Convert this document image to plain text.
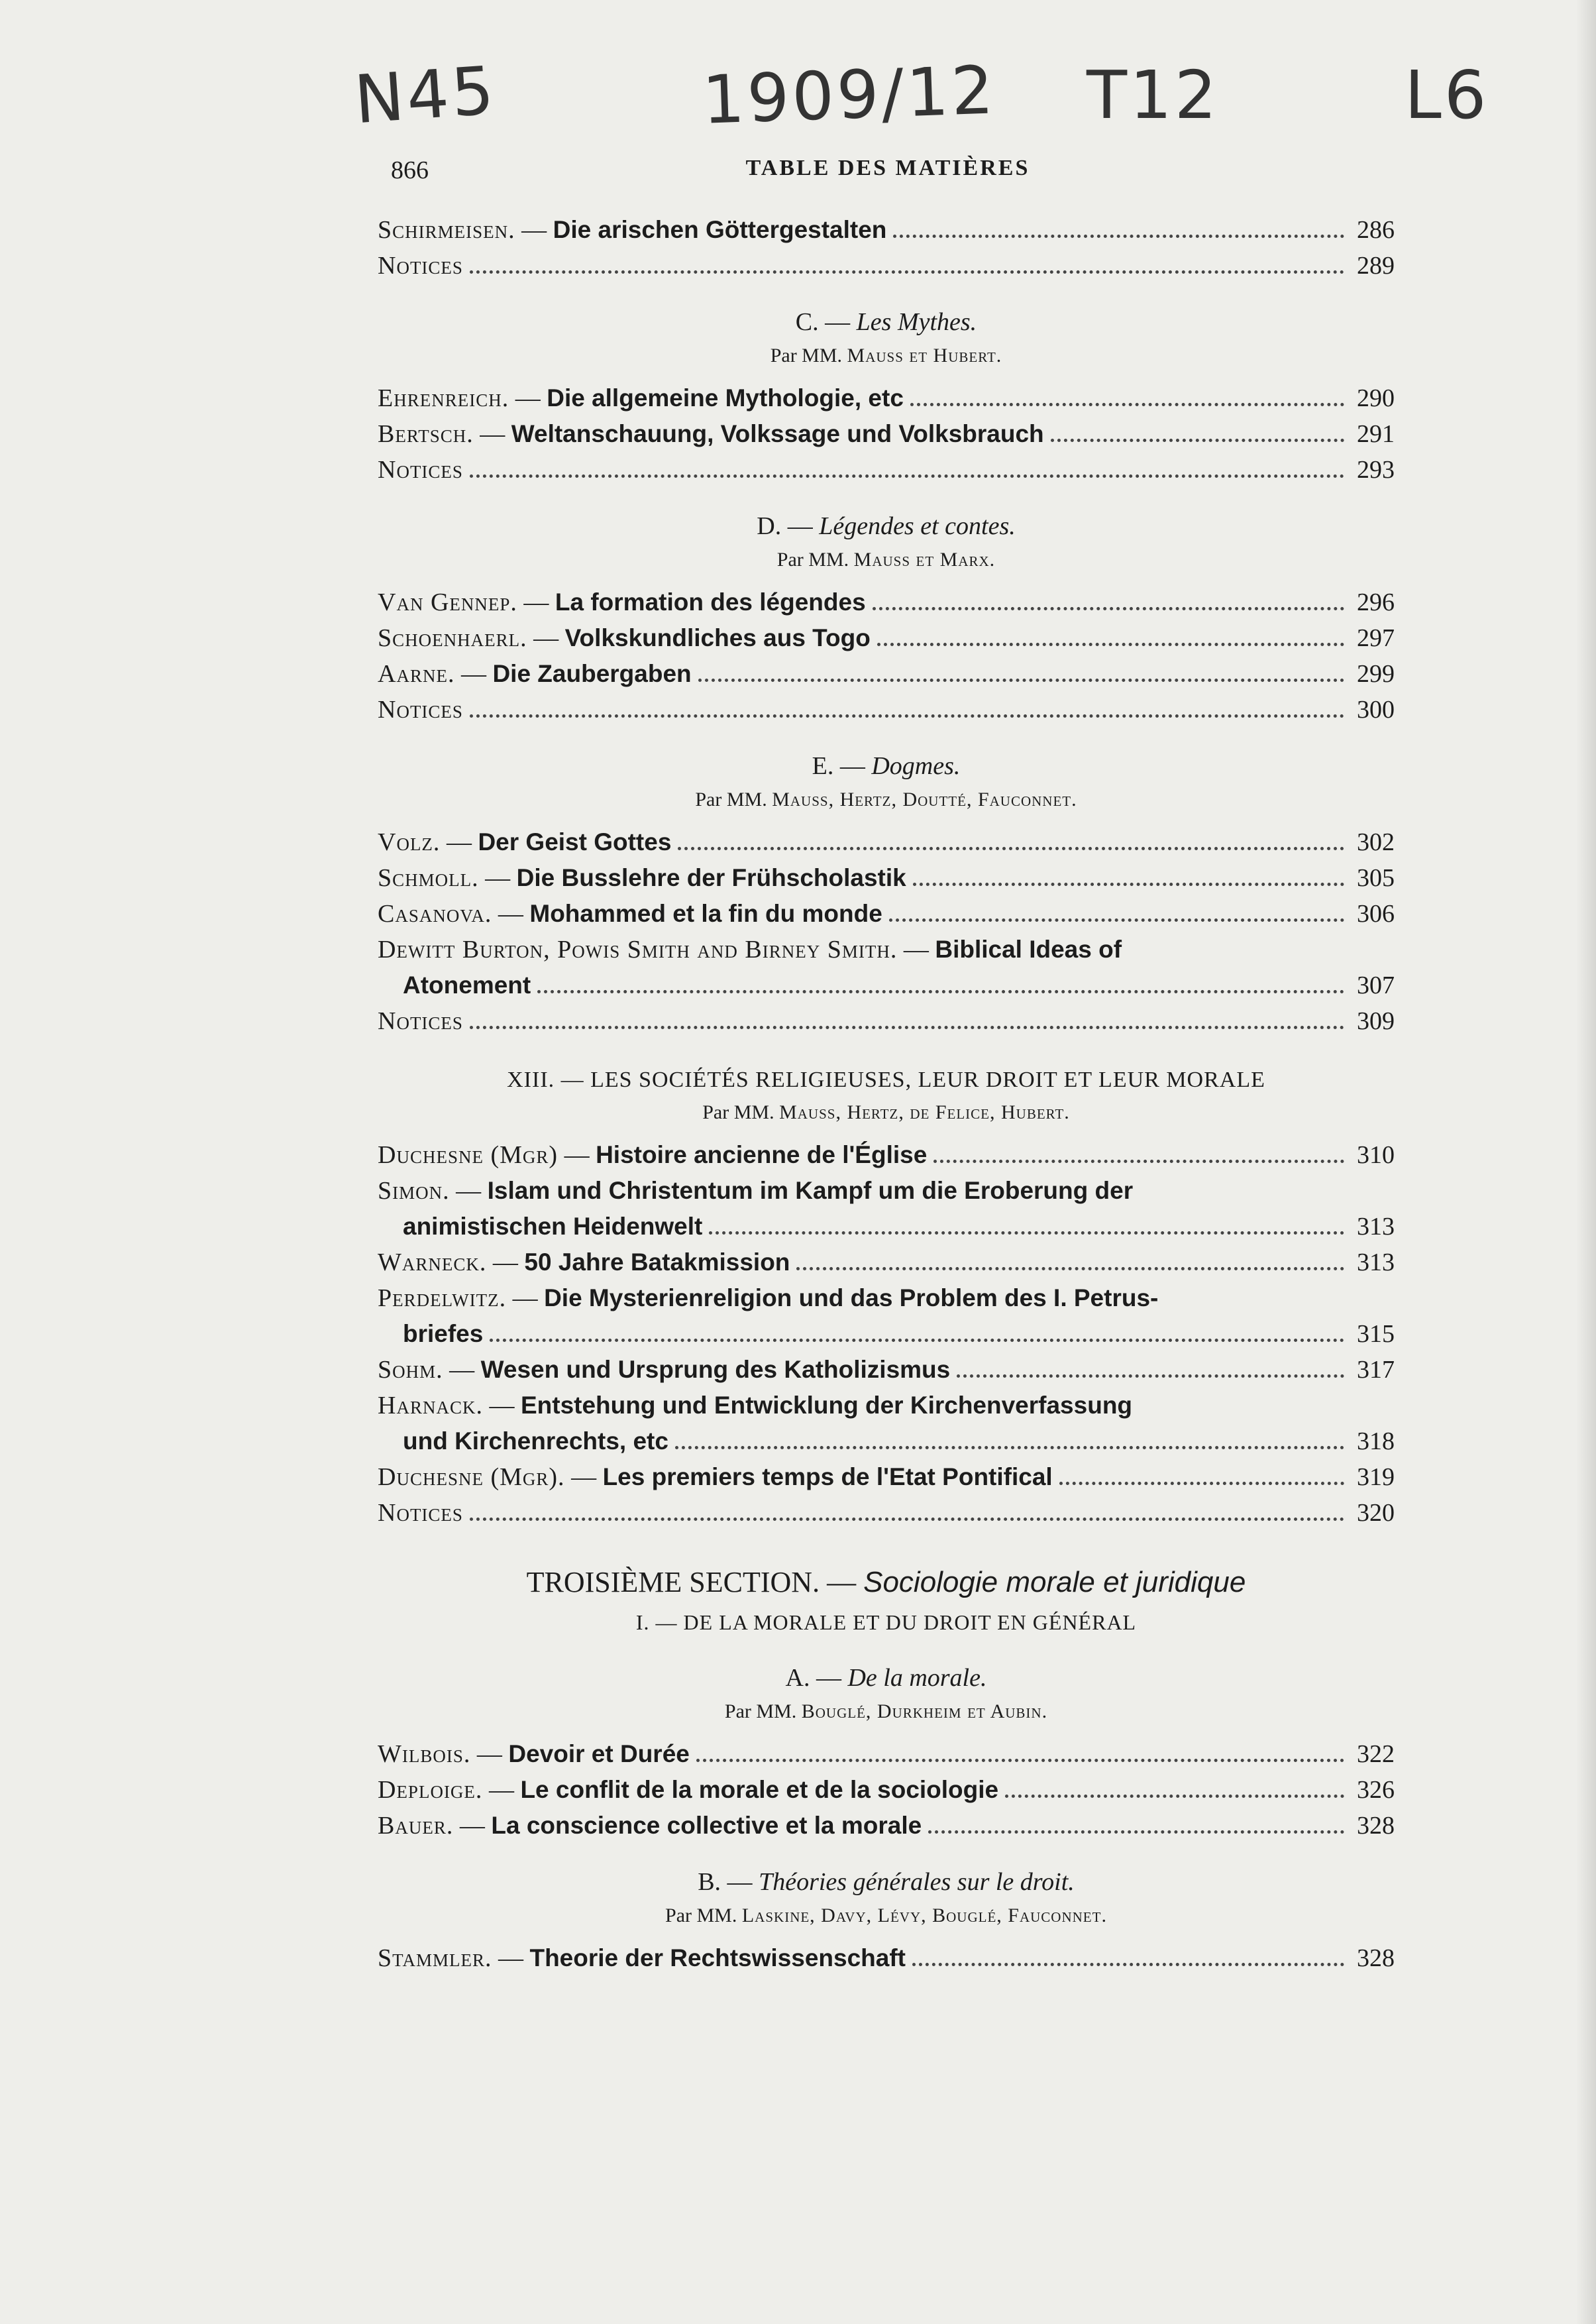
N45	1909/12 T12	L6
866	TABLE DES MATIÈRES
Schirmeisen. — Die arischen Göttergestalten	286
Notices	289
C. — Les Mythes.
Par MM. Mauss et Hubert.
Ehrenreich. — Die allgemeine Mythologie, etc	290
Bertsch. — Weltanschauung, Volkssage und Volksbrauch	291
Notices	293
D. — Légendes et contes.
Par MM. Mauss et Marx.
Van Gennep. — La formation des légendes	296
Schoenhaerl. — Volkskundliches aus Togo	297
Aarne. — Die Zaubergaben	299
Notices	300
E. — Dogmes.
Par MM. Mauss, Hertz, Doutté, Fauconnet.
Volz. — Der Geist Gottes	302
Schmoll. — Die Busslehre der Frühscholastik	305
Casanova. — Mohammed et la fin du monde	306
Dewitt Burton, Powis Smith and Birney Smith. — Biblical Ideas of
Atonement	307
Notices	309
XIII. — LES SOCIÉTÉS RELIGIEUSES, LEUR DROIT ET LEUR MORALE
Par MM. Mauss, Hertz, de Felice, Hubert.
Duchesne (Mgr) — Histoire ancienne de l'Église	310
Simon. — Islam und Christentum im Kampf um die Eroberung der
animistischen Heidenwelt	313
Warneck. — 50 Jahre Batakmission	313
Perdelwitz. — Die Mysterienreligion und das Problem des I. Petrus-
briefes	315
Sohm. — Wesen und Ursprung des Katholizismus	317
Harnack. — Entstehung und Entwicklung der Kirchenverfassung
und Kirchenrechts, etc	318
Duchesne (Mgr). — Les premiers temps de l'Etat Pontifical	319
Notices	320
TROISIÈME SECTION. — Sociologie morale et juridique
I. — DE LA MORALE ET DU DROIT EN GÉNÉRAL
A. — De la morale.
Par MM. Bouglé, Durkheim et Aubin.
Wilbois. — Devoir et Durée	322
Deploige. — Le conflit de la morale et de la sociologie	326
Bauer. — La conscience collective et la morale	328
B. — Théories générales sur le droit.
Par MM. Laskine, Davy, Lévy, Bouglé, Fauconnet.
Stammler. — Theorie der Rechtswissenschaft	328
